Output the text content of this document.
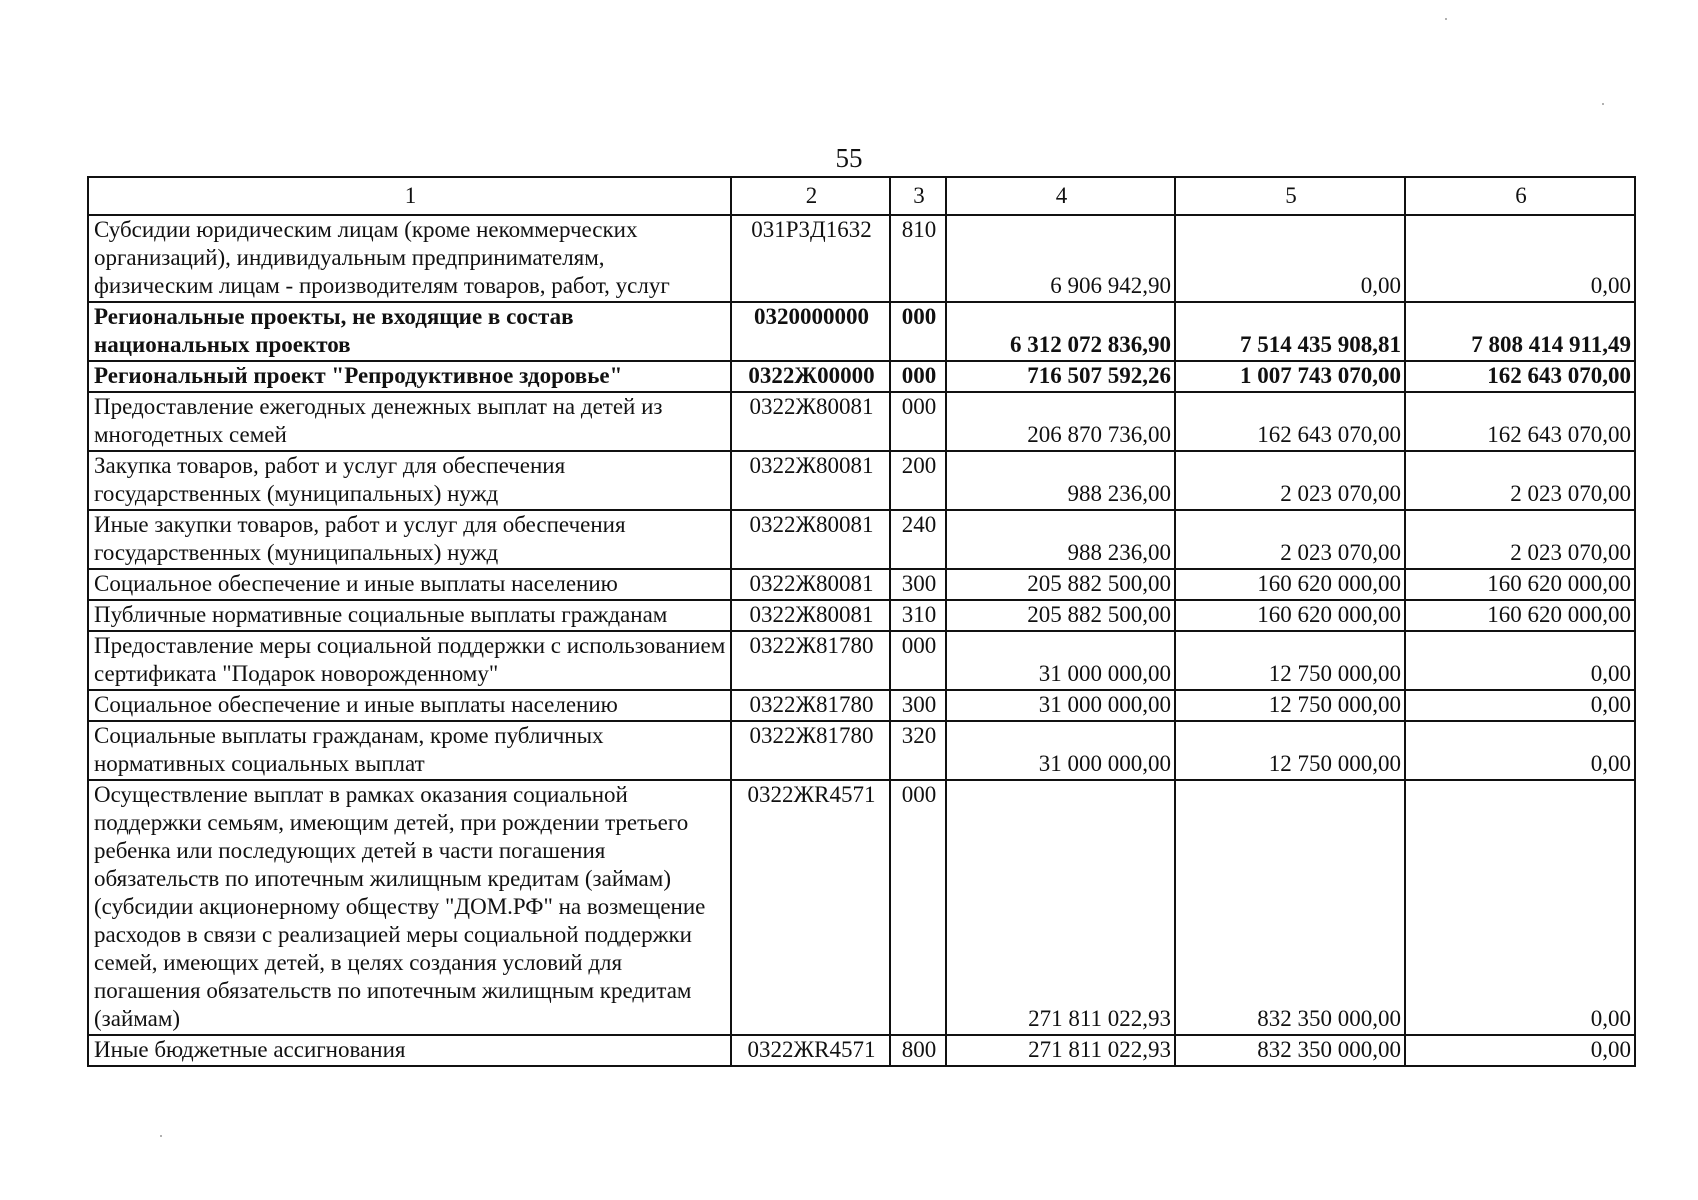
55
1	2	3	4	5	6
Субсидии юридическим лицам (кроме некоммерческих организаций), индивидуальным предпринимателям, физическим лицам - производителям товаров, работ, услуг	031Р3Д1632	810	6 906 942,90	0,00	0,00
Региональные проекты, не входящие в состав национальных проектов	0320000000	000	6 312 072 836,90	7 514 435 908,81	7 808 414 911,49
Региональный проект "Репродуктивное здоровье"	0322Ж00000	000	716 507 592,26	1 007 743 070,00	162 643 070,00
Предоставление ежегодных денежных выплат на детей из многодетных семей	0322Ж80081	000	206 870 736,00	162 643 070,00	162 643 070,00
Закупка товаров, работ и услуг для обеспечения государственных (муниципальных) нужд	0322Ж80081	200	988 236,00	2 023 070,00	2 023 070,00
Иные закупки товаров, работ и услуг для обеспечения государственных (муниципальных) нужд	0322Ж80081	240	988 236,00	2 023 070,00	2 023 070,00
Социальное обеспечение и иные выплаты населению	0322Ж80081	300	205 882 500,00	160 620 000,00	160 620 000,00
Публичные нормативные социальные выплаты гражданам	0322Ж80081	310	205 882 500,00	160 620 000,00	160 620 000,00
Предоставление меры социальной поддержки с использованием сертификата "Подарок новорожденному"	0322Ж81780	000	31 000 000,00	12 750 000,00	0,00
Социальное обеспечение и иные выплаты населению	0322Ж81780	300	31 000 000,00	12 750 000,00	0,00
Социальные выплаты гражданам, кроме публичных нормативных социальных выплат	0322Ж81780	320	31 000 000,00	12 750 000,00	0,00
Осуществление выплат в рамках оказания социальной поддержки семьям, имеющим детей, при рождении третьего ребенка или последующих детей в части погашения обязательств по ипотечным жилищным кредитам (займам) (субсидии акционерному обществу "ДОМ.РФ" на возмещение расходов в связи с реализацией меры социальной поддержки семей, имеющих детей, в целях создания условий для погашения обязательств по ипотечным жилищным кредитам (займам)	0322ЖR4571	000	271 811 022,93	832 350 000,00	0,00
Иные бюджетные ассигнования	0322ЖR4571	800	271 811 022,93	832 350 000,00	0,00
